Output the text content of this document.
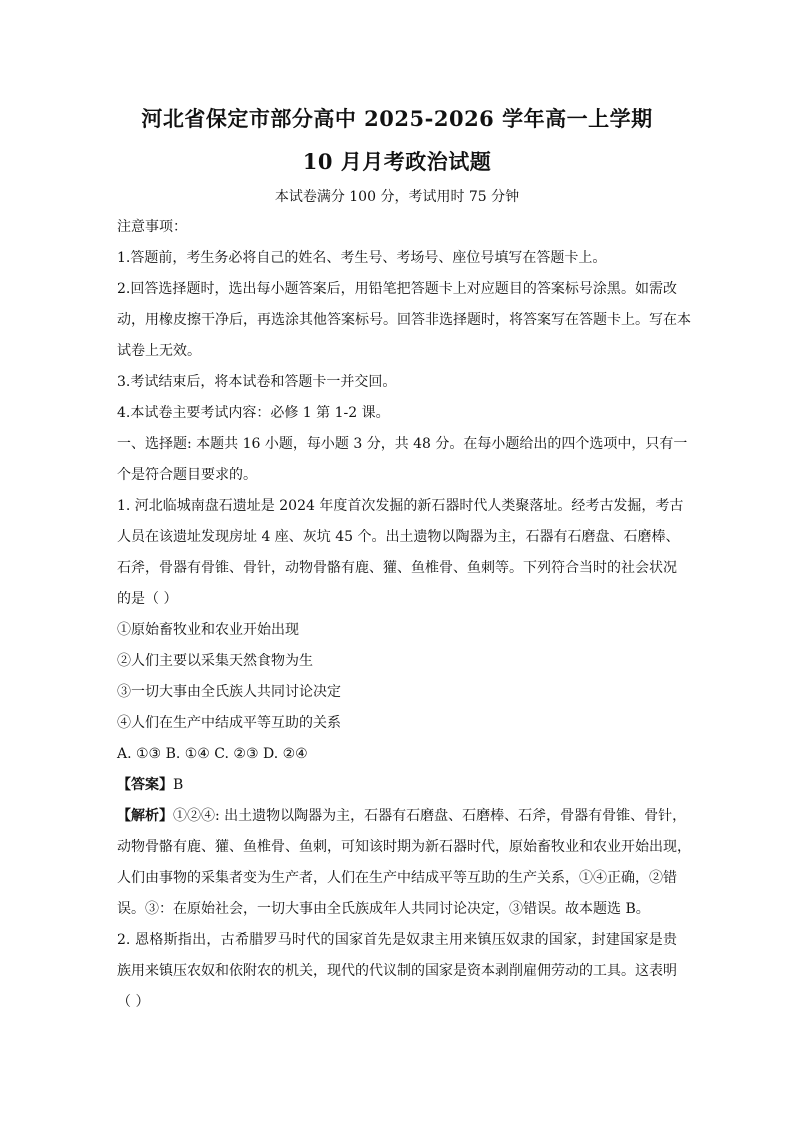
河北省保定市部分高中 2025-2026 学年高一上学期
10 月月考政治试题
本试卷满分 100 分，考试用时 75 分钟
注意事项：
1.答题前，考生务必将自己的姓名、考生号、考场号、座位号填写在答题卡上。
2.回答选择题时，选出每小题答案后，用铅笔把答题卡上对应题目的答案标号涂黑。如需改
动，用橡皮擦干净后，再选涂其他答案标号。回答非选择题时，将答案写在答题卡上。写在本
试卷上无效。
3.考试结束后，将本试卷和答题卡一并交回。
4.本试卷主要考试内容：必修 1 第 1-2 课。
一、选择题: 本题共 16 小题，每小题 3 分，共 48 分。在每小题给出的四个选项中，只有一
个是符合题目要求的。
1. 河北临城南盘石遗址是 2024 年度首次发掘的新石器时代人类聚落址。经考古发掘，考古
人员在该遗址发现房址 4 座、灰坑 45 个。出土遗物以陶器为主，石器有石磨盘、石磨棒、
石斧，骨器有骨锥、骨针，动物骨骼有鹿、獾、鱼椎骨、鱼刺等。下列符合当时的社会状况
的是（ ）
①原始畜牧业和农业开始出现
②人们主要以采集天然食物为生
③一切大事由全氏族人共同讨论决定
④人们在生产中结成平等互助的关系
A. ①③ B. ①④ C. ②③ D. ②④
【答案】B
【解析】①②④: 出土遗物以陶器为主，石器有石磨盘、石磨棒、石斧，骨器有骨锥、骨针，
动物骨骼有鹿、獾、鱼椎骨、鱼刺，可知该时期为新石器时代，原始畜牧业和农业开始出现，
人们由事物的采集者变为生产者，人们在生产中结成平等互助的生产关系，①④正确，②错
误。③：在原始社会，一切大事由全氏族成年人共同讨论决定，③错误。故本题选 B。
2. 恩格斯指出，古希腊罗马时代的国家首先是奴隶主用来镇压奴隶的国家，封建国家是贵
族用来镇压农奴和依附农的机关，现代的代议制的国家是资本剥削雇佣劳动的工具。这表明
（ ）
